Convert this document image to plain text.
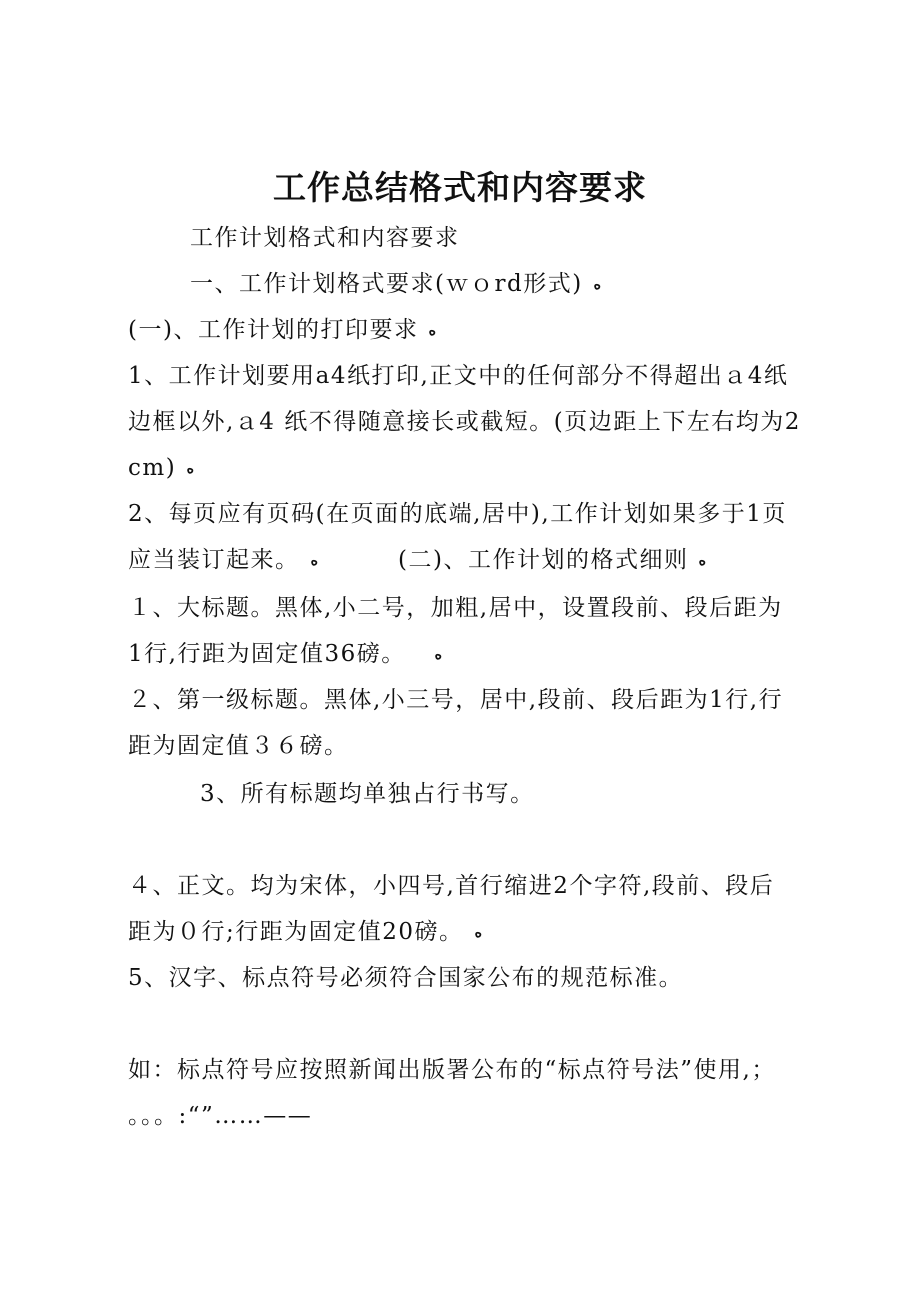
工作总结格式和内容要求
工作计划格式和内容要求
一、工作计划格式要求(ｗｏrd形式) ﻩ
(一)、工作计划的打印要求 ﻩ
1、工作计划要用a4纸打印,正文中的任何部分不得超出ａ4纸
边框以外,ａ4 纸不得随意接长或截短。(页边距上下左右均为2
cm) ﻩ
2、每页应有页码(在页面的底端,居中),工作计划如果多于1页
应当装订起来。 ﻩ	(二)、工作计划的格式细则 ﻩ
１、大标题。黑体,小二号，加粗,居中，设置段前、段后距为
1行,行距为固定值36磅。 ﻩ
２、第一级标题。黑体,小三号，居中,段前、段后距为1行,行
距为固定值３６磅。
3、所有标题均单独占行书写。
４、正文。均为宋体，小四号,首行缩进2个字符,段前、段后
距为０行;行距为固定值20磅。 ﻩ
5、汉字、标点符号必须符合国家公布的规范标准。
如：标点符号应按照新闻出版署公布的“标点符号法”使用,；
。。。:“”……——
